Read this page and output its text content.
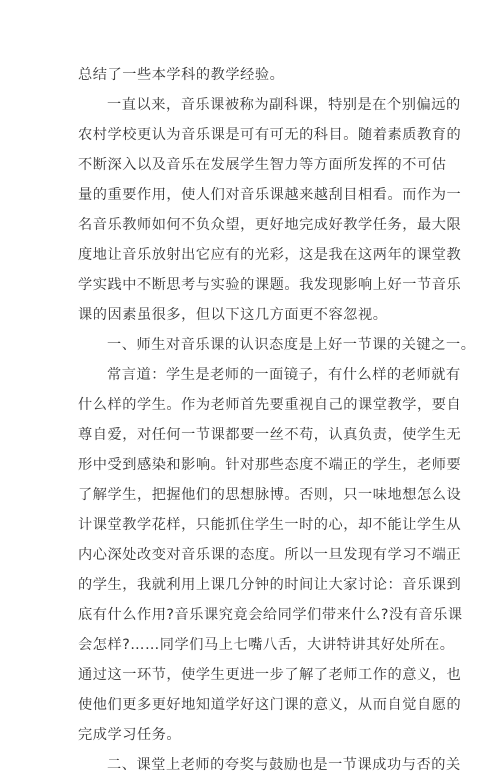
总结了一些本学科的教学经验。
一直以来，音乐课被称为副科课，特别是在个别偏远的
农村学校更认为音乐课是可有可无的科目。随着素质教育的
不断深入以及音乐在发展学生智力等方面所发挥的不可估
量的重要作用，使人们对音乐课越来越刮目相看。而作为一
名音乐教师如何不负众望，更好地完成好教学任务，最大限
度地让音乐放射出它应有的光彩，这是我在这两年的课堂教
学实践中不断思考与实验的课题。我发现影响上好一节音乐
课的因素虽很多，但以下这几方面更不容忽视。
一、师生对音乐课的认识态度是上好一节课的关键之一。
常言道：学生是老师的一面镜子，有什么样的老师就有
什么样的学生。作为老师首先要重视自己的课堂教学，要自
尊自爱，对任何一节课都要一丝不苟，认真负责，使学生无
形中受到感染和影响。针对那些态度不端正的学生，老师要
了解学生，把握他们的思想脉博。否则，只一味地想怎么设
计课堂教学花样，只能抓住学生一时的心，却不能让学生从
内心深处改变对音乐课的态度。所以一旦发现有学习不端正
的学生，我就利用上课几分钟的时间让大家讨论：音乐课到
底有什么作用?音乐课究竟会给同学们带来什么?没有音乐课
会怎样?……同学们马上七嘴八舌，大讲特讲其好处所在。
通过这一环节，使学生更进一步了解了老师工作的意义，也
使他们更多更好地知道学好这门课的意义，从而自觉自愿的
完成学习任务。
二、课堂上老师的夸奖与鼓励也是一节课成功与否的关
